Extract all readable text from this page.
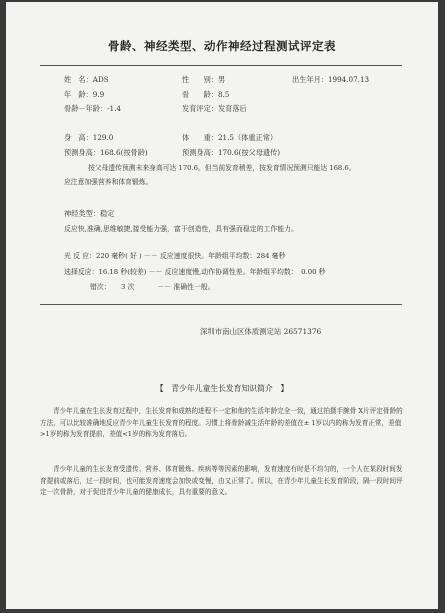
骨龄、神经类型、动作神经过程测试评定表
姓　名：ADS	性　　别：男	出生年月：1994.07.13
年　龄：9.9	骨　　龄：8.5
骨龄－年龄：-1.4	发育评定：发育落后
身　高：129.0	体　　重：21.5（体重正常）
预测身高：168.6(按骨龄)	预测身高：170.6(按父母遗传)
按父母遗传预测未来身高可达 170.6。但当前发育稍差，按发育情况预测只能达 168.6。
应注意加强营养和体育锻炼。
神经类型：稳定
反应快,准确,思维敏捷,接受能力强，富于创造性，具有强而稳定的工作能力。
光 反 应：220 毫秒( 好 ) －－ 反应速度很快。年龄组平均数：284 毫秒
选择反应：16.18 秒(较差) －－ 反应速度慢,动作协调性差。年龄组平均数：　0.00 秒
错次：　　3 次　　　 －－ 准确性一般。
深圳市南山区体质测定站 26571376
【　青少年儿童生长发育知识简介　】
青少年儿童在生长发育过程中，生长发育和成熟的进程不一定和他的生活年龄完全一致，通过拍摄手腕骨 X片评定骨龄的方法，可以比较准确地反应青少年儿童生长发育的程度。习惯上将骨龄减生活年龄的差值在± 1岁以内的称为发育正常，差值>1岁的称为发育提前，差值<1岁的称为发育落后。
青少年儿童的生长发育受遗传、营养、体育锻炼、疾病等等因素的影响，发育速度有时是不均匀的，一个人在某段时间发育提前或落后，过一段时间，也可能发育速度会加快或变慢，由又正常了。所以，在青少年儿童生长发育阶段，隔一段时间评定一次骨龄，对于促进青少年儿童的健康成长，具有重要的意义。
